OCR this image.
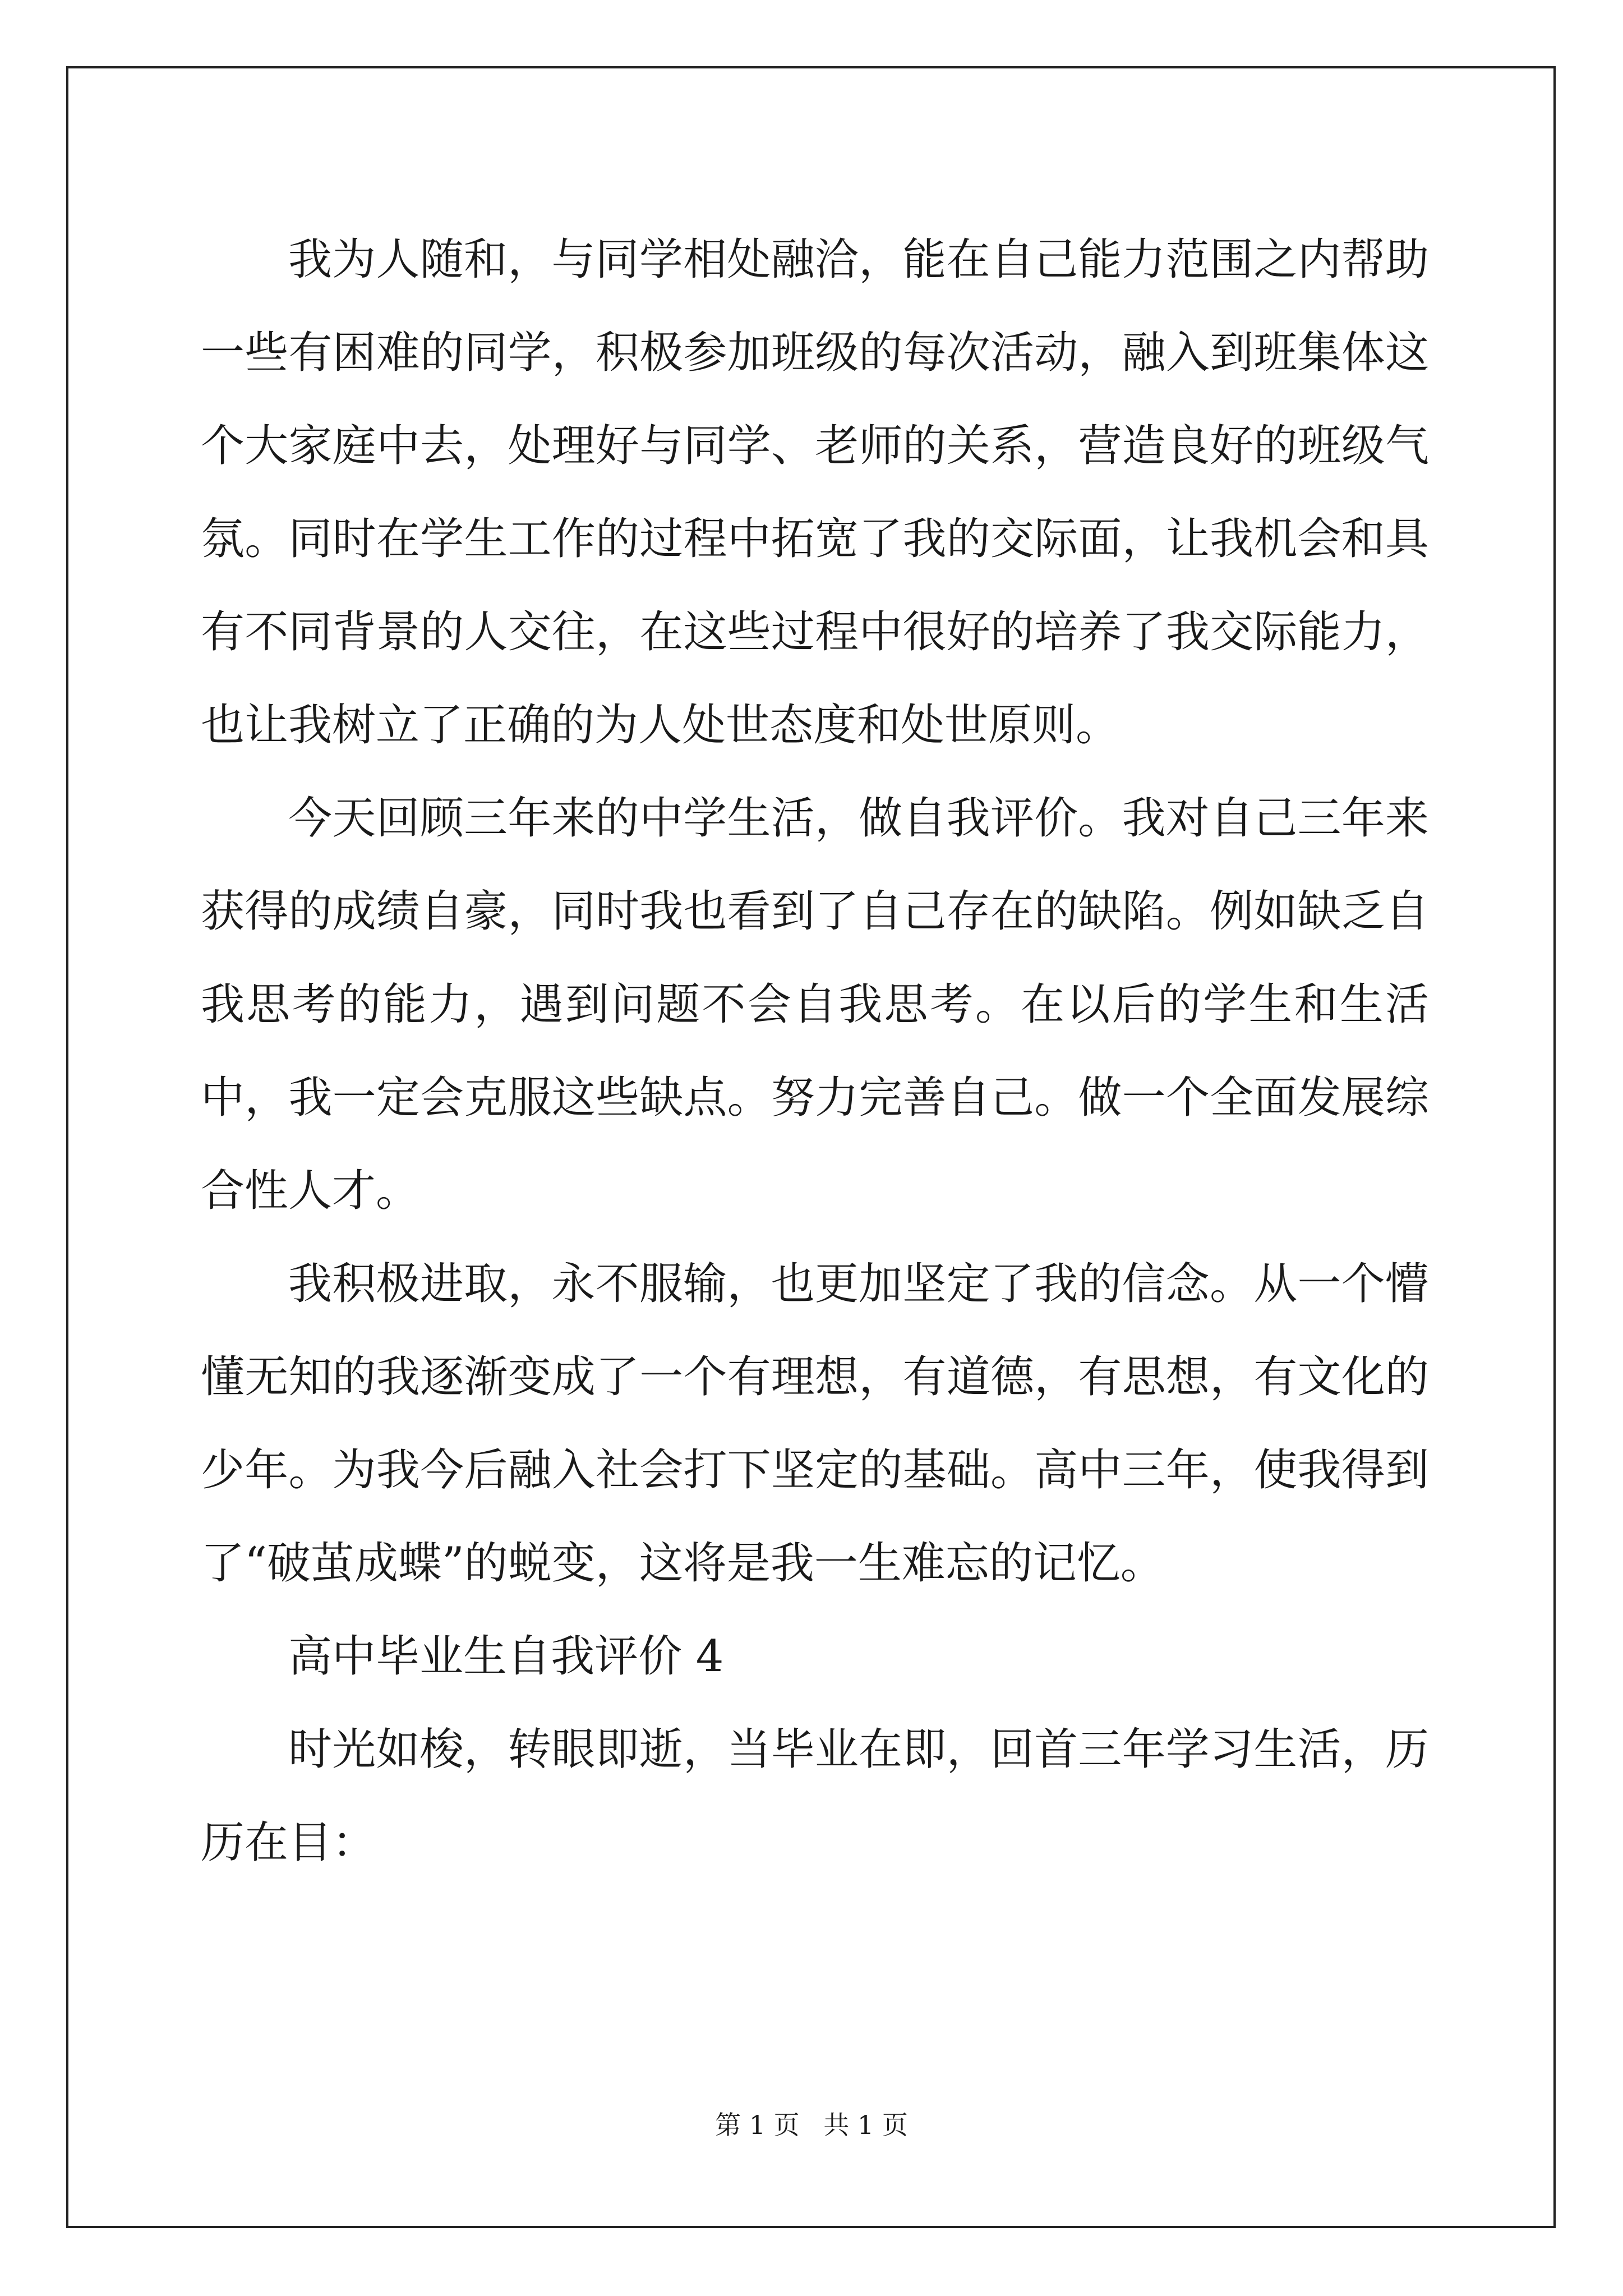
我为人随和，与同学相处融洽，能在自己能力范围之内帮助一些有困难的同学，积极参加班级的每次活动，融入到班集体这个大家庭中去，处理好与同学、老师的关系，营造良好的班级气氛。同时在学生工作的过程中拓宽了我的交际面，让我机会和具有不同背景的人交往，在这些过程中很好的培养了我交际能力，也让我树立了正确的为人处世态度和处世原则。

今天回顾三年来的中学生活，做自我评价。我对自己三年来获得的成绩自豪，同时我也看到了自己存在的缺陷。例如缺乏自我思考的能力，遇到问题不会自我思考。在以后的学生和生活中，我一定会克服这些缺点。努力完善自己。做一个全面发展综合性人才。

我积极进取，永不服输，也更加坚定了我的信念。从一个懵懂无知的我逐渐变成了一个有理想，有道德，有思想，有文化的少年。为我今后融入社会打下坚定的基础。高中三年，使我得到了“破茧成蝶”的蜕变，这将是我一生难忘的记忆。

高中毕业生自我评价 4

时光如梭，转眼即逝，当毕业在即，回首三年学习生活，历历在目：

第 1 页 共 1 页
